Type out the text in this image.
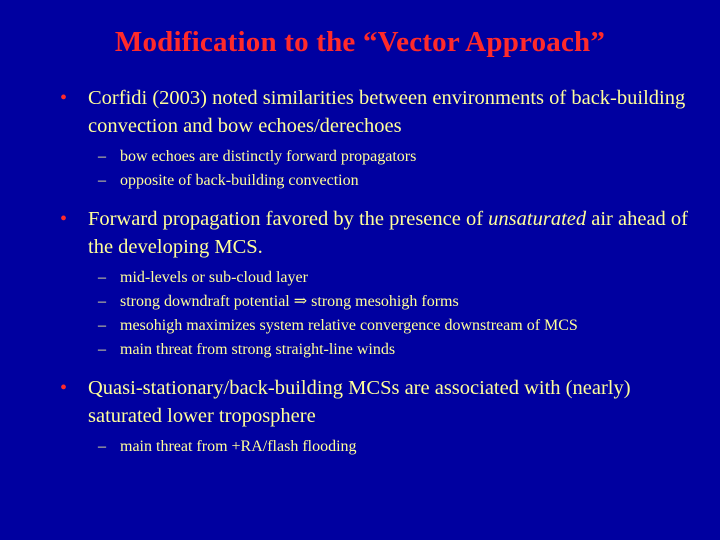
Modification to the “Vector Approach”
• Corfidi (2003) noted similarities between environments of back-building convection and bow echoes/derechoes
– bow echoes are distinctly forward propagators
– opposite of back-building convection
• Forward propagation favored by the presence of unsaturated air ahead of the developing MCS.
– mid-levels or sub-cloud layer
– strong downdraft potential ⇒ strong mesohigh forms
– mesohigh maximizes system relative convergence downstream of MCS
– main threat from strong straight-line winds
• Quasi-stationary/back-building MCSs are associated with (nearly) saturated lower troposphere
– main threat from +RA/flash flooding
